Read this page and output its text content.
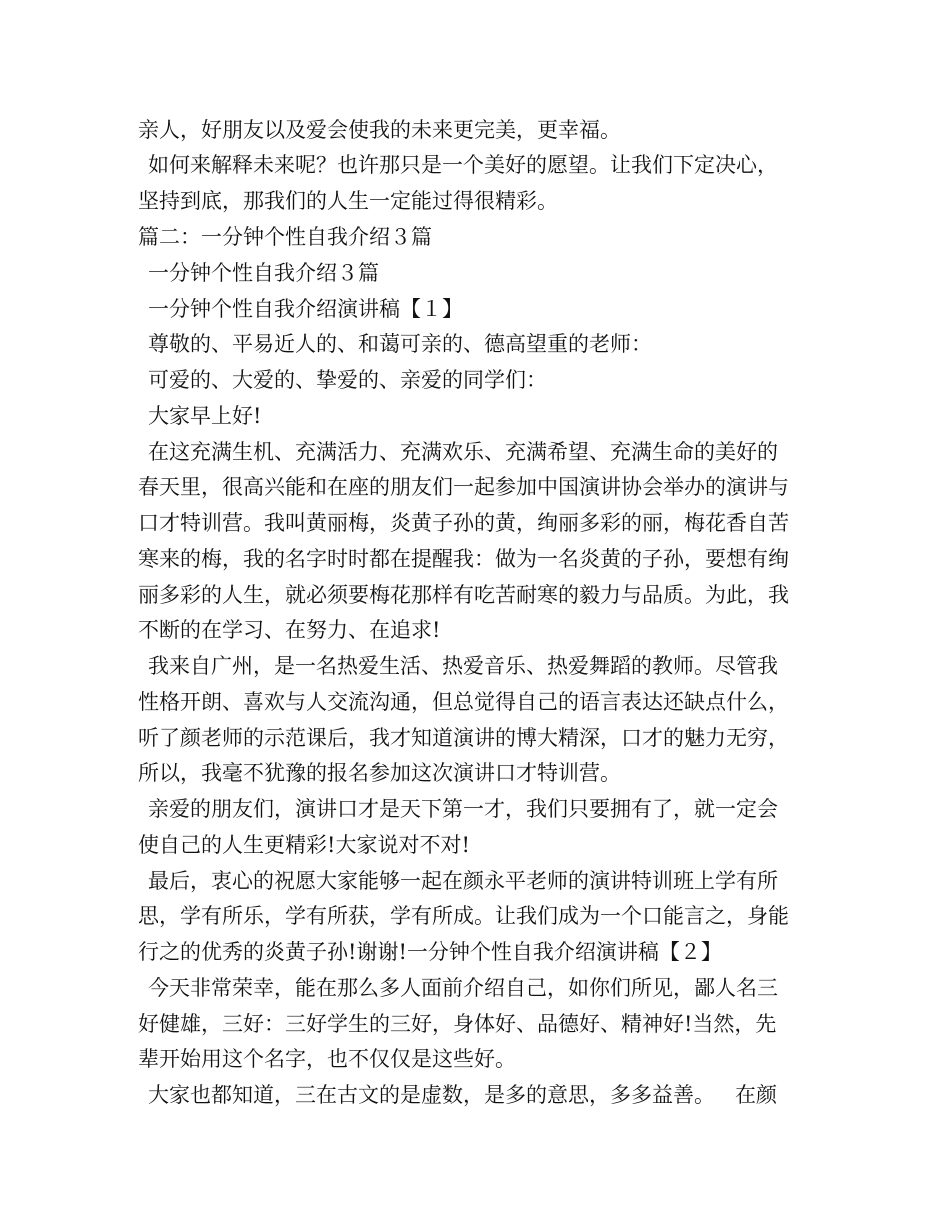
亲人，好朋友以及爱会使我的未来更完美，更幸福。

如何来解释未来呢？也许那只是一个美好的愿望。让我们下定决心，

坚持到底，那我们的人生一定能过得很精彩。

篇二：一分钟个性自我介绍３篇

一分钟个性自我介绍３篇

一分钟个性自我介绍演讲稿【１】

尊敬的、平易近人的、和蔼可亲的、德高望重的老师：

可爱的、大爱的、挚爱的、亲爱的同学们：

大家早上好!

在这充满生机、充满活力、充满欢乐、充满希望、充满生命的美好的

春天里，很高兴能和在座的朋友们一起参加中国演讲协会举办的演讲与

口才特训营。我叫黄丽梅，炎黄子孙的黄，绚丽多彩的丽，梅花香自苦

寒来的梅，我的名字时时都在提醒我：做为一名炎黄的子孙，要想有绚

丽多彩的人生，就必须要梅花那样有吃苦耐寒的毅力与品质。为此，我

不断的在学习、在努力、在追求!

我来自广州，是一名热爱生活、热爱音乐、热爱舞蹈的教师。尽管我

性格开朗、喜欢与人交流沟通，但总觉得自己的语言表达还缺点什么，

听了颜老师的示范课后，我才知道演讲的博大精深，口才的魅力无穷，

所以，我毫不犹豫的报名参加这次演讲口才特训营。

亲爱的朋友们，演讲口才是天下第一才，我们只要拥有了，就一定会

使自己的人生更精彩!大家说对不对!

最后，衷心的祝愿大家能够一起在颜永平老师的演讲特训班上学有所

思，学有所乐，学有所获，学有所成。让我们成为一个口能言之，身能

行之的优秀的炎黄子孙!谢谢!一分钟个性自我介绍演讲稿【２】

今天非常荣幸，能在那么多人面前介绍自己，如你们所见，鄙人名三

好健雄，三好：三好学生的三好，身体好、品德好、精神好!当然，先

辈开始用这个名字，也不仅仅是这些好。

大家也都知道，三在古文的是虚数，是多的意思，多多益善。   在颜
